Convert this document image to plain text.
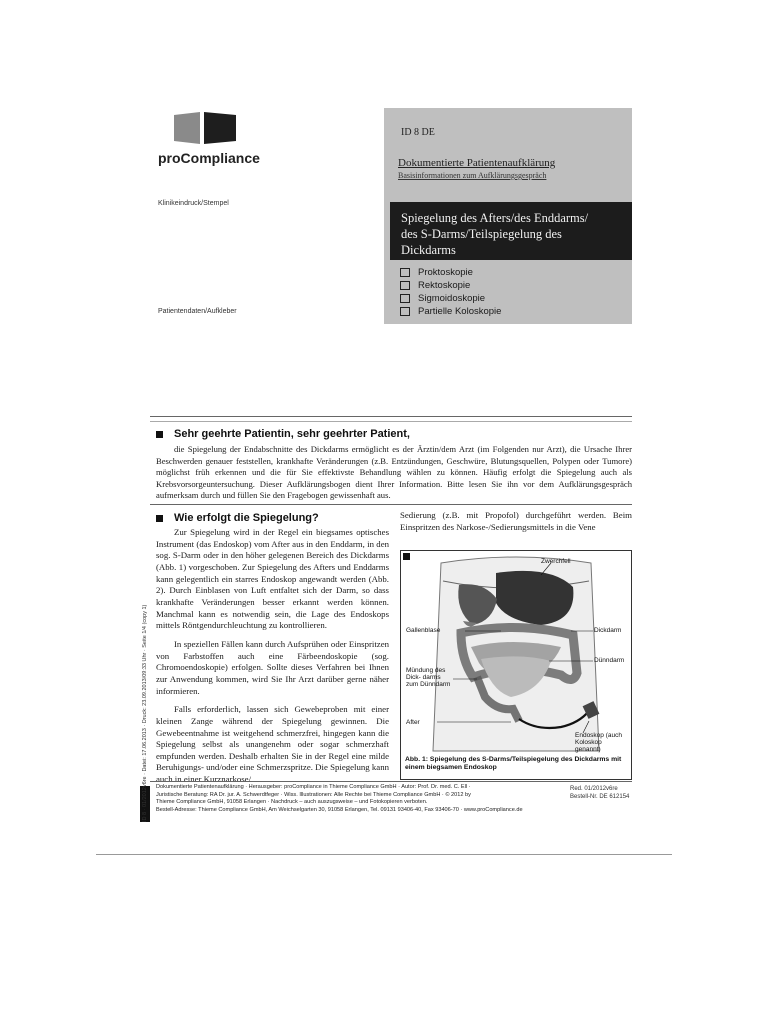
proCompliance
Klinikeindruck/Stempel
Patientendaten/Aufkleber
ID 8 DE
Dokumentierte Patientenaufklärung
Basisinformationen zum Aufklärungsgespräch
Spiegelung des Afters/des Enddarms/
des S-Darms/Teilspiegelung des
Dickdarms
Proktoskopie
Rektoskopie
Sigmoidoskopie
Partielle Koloskopie
Sehr geehrte Patientin, sehr geehrter Patient,
die Spiegelung der Endabschnitte des Dickdarms ermöglicht es der Ärztin/dem Arzt (im Folgenden nur Arzt), die Ursache Ihrer Beschwerden genauer feststellen, krankhafte Veränderungen (z.B. Entzündungen, Geschwüre, Blutungsquellen, Polypen oder Tumore) möglichst früh erkennen und die für Sie effektivste Behandlung wählen zu können. Häufig erfolgt die Spiegelung auch als Krebsvorsorgeuntersuchung. Dieser Aufklärungsbogen dient Ihrer Information. Bitte lesen Sie ihn vor dem Aufklärungsgespräch aufmerksam durch und füllen Sie den Fragebogen gewissenhaft aus.
Wie erfolgt die Spiegelung?

Zur Spiegelung wird in der Regel ein biegsames optisches Instrument (das Endoskop) vom After aus in den Enddarm, in den sog. S-Darm oder in den höher gelegenen Bereich des Dickdarms (Abb. 1) vorgeschoben. Zur Spiegelung des Afters und Enddarms kann gelegentlich ein starres Endoskop angewandt werden (Abb. 2). Durch Einblasen von Luft entfaltet sich der Darm, so dass krankhafte Veränderungen besser erkannt werden können. Manchmal kann es notwendig sein, die Lage des Endoskops mittels Röntgendurchleuchtung zu kontrollieren.

In speziellen Fällen kann durch Aufsprühen oder Einspritzen von Farbstoffen auch eine Färbeendoskopie (sog. Chromoendoskopie) erfolgen. Sollte dieses Verfahren bei Ihnen zur Anwendung kommen, wird Sie Ihr Arzt darüber gerne näher informieren.

Falls erforderlich, lassen sich Gewebeproben mit einer kleinen Zange während der Spiegelung gewinnen. Die Gewebeentnahme ist weitgehend schmerzfrei, hingegen kann die Spiegelung selbst als unangenehm oder sogar schmerzhaft empfunden werden. Deshalb erhalten Sie in der Regel eine milde Beruhigungs- und/oder eine Schmerzspritze. Die Spiegelung kann auch in einer Kurznarkose/

Sedierung (z.B. mit Propofol) durchgeführt werden. Beim Einspritzen des Narkose-/Sedierungsmittels in die Vene

Zwerchfell
Gallenblase	Dickdarm
Dünndarm
Mündung des Dick- darms zum Dünndarm
After
Endoskop (auch Koloskop genannt)
Abb. 1: Spiegelung des S-Darms/Teilspiegelung des Dickdarms mit einem biegsamen Endoskop
ID 8 · 01/2012v6re · Datei: 17.06.2013 · Druck: 23.09.2013/09:33 Uhr · Seite 1/4 (copy 1) Dokumentierte Patientenaufklärung · Herausgeber: proCompliance in Thieme Compliance GmbH · Autor: Prof. Dr. med. C. Ell ·
Juristische Beratung: RA Dr. jur. A. Schwerdtfeger · Wiss. Illustrationen: Alle Rechte bei Thieme Compliance GmbH · © 2012 by
Thieme Compliance GmbH, 91058 Erlangen · Nachdruck – auch auszugsweise – und Fotokopieren verboten.
Bestell-Adresse: Thieme Compliance GmbH, Am Weichselgarten 30, 91058 Erlangen, Tel. 09131 93406-40, Fax 93406-70 · www.proCompliance.de
Red. 01/2012v6re
Bestell-Nr. DE 612154
